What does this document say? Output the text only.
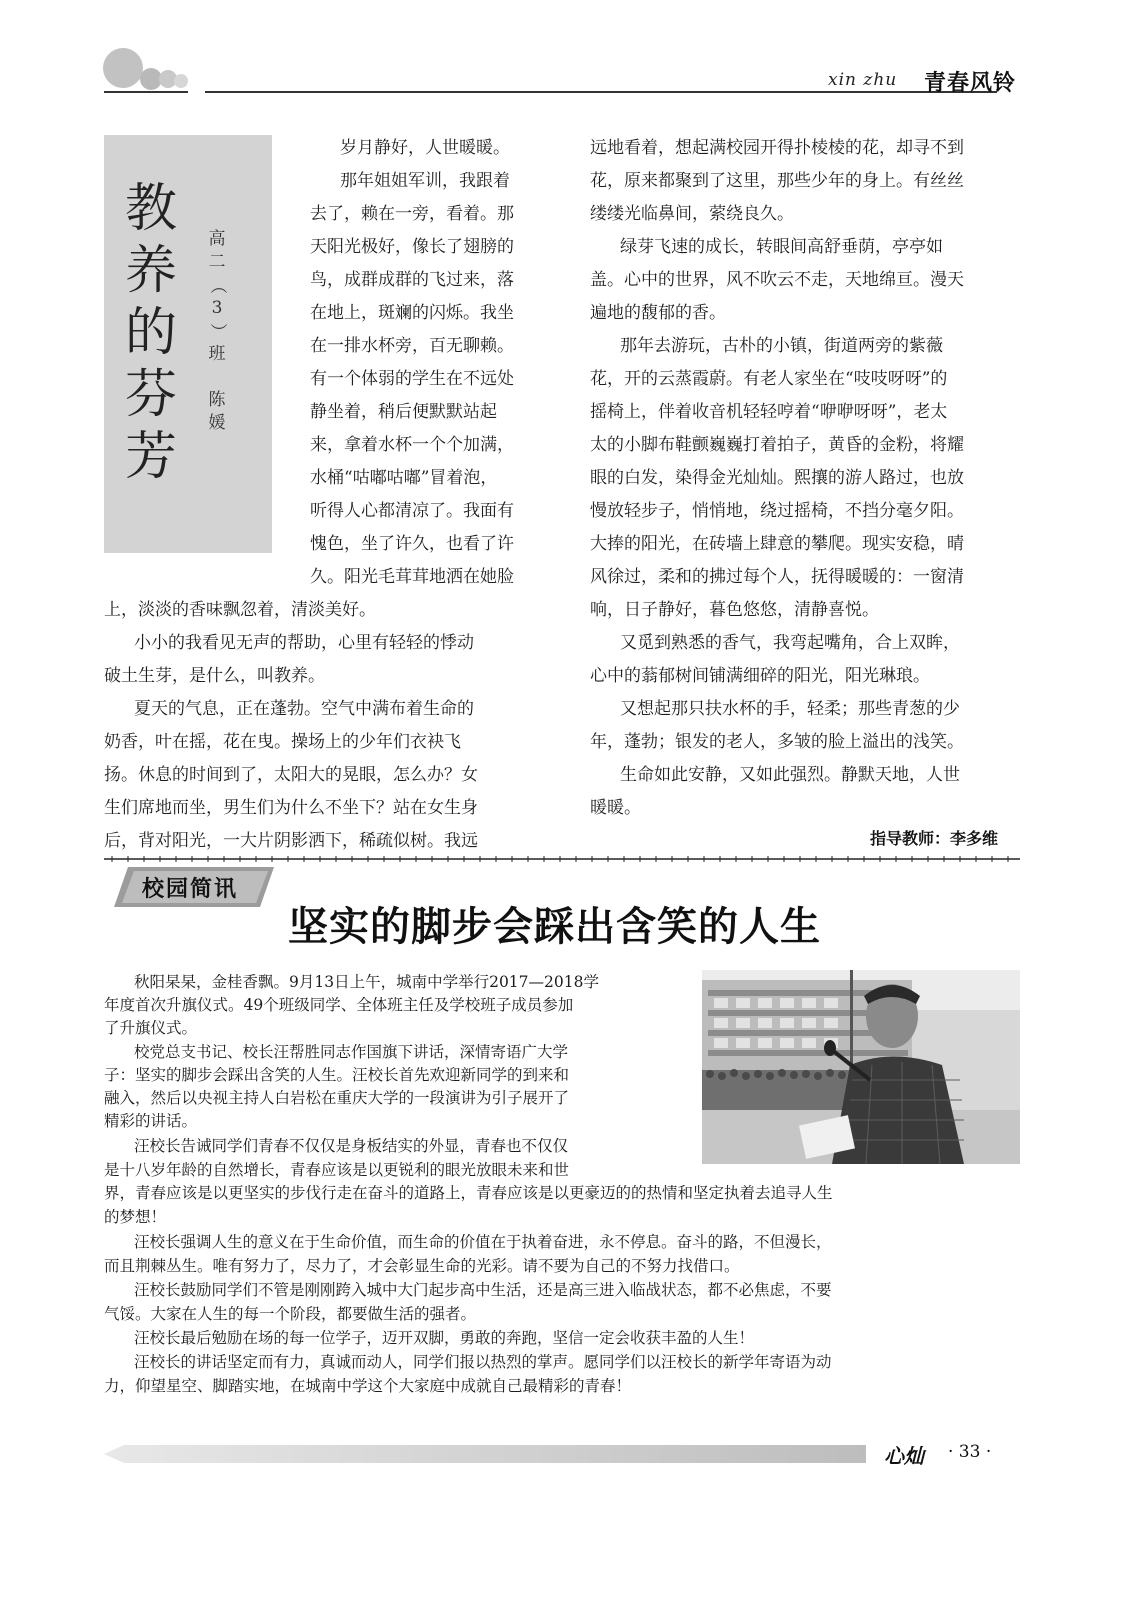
xin zhu 青春风铃
教
养
的
芬
芳
高
二
（
3
）
班
陈
媛
岁月静好，人世暖暖。
那年姐姐军训，我跟着
去了，赖在一旁，看着。那
天阳光极好，像长了翅膀的
鸟，成群成群的飞过来，落
在地上，斑斓的闪烁。我坐
在一排水杯旁，百无聊赖。
有一个体弱的学生在不远处
静坐着，稍后便默默站起
来，拿着水杯一个个加满，
水桶“咕嘟咕嘟”冒着泡，
听得人心都清凉了。我面有
愧色，坐了许久，也看了许
久。阳光毛茸茸地洒在她脸
上，淡淡的香味飘忽着，清淡美好。
小小的我看见无声的帮助，心里有轻轻的悸动
破土生芽，是什么，叫教养。
夏天的气息，正在蓬勃。空气中满布着生命的
奶香，叶在摇，花在曳。操场上的少年们衣袂飞
扬。休息的时间到了，太阳大的晃眼，怎么办？女
生们席地而坐，男生们为什么不坐下？站在女生身
后，背对阳光，一大片阴影洒下，稀疏似树。我远
远地看着，想起满校园开得扑棱棱的花，却寻不到
花，原来都聚到了这里，那些少年的身上。有丝丝
缕缕光临鼻间，萦绕良久。
绿芽飞速的成长，转眼间高舒垂荫，亭亭如
盖。心中的世界，风不吹云不走，天地绵亘。漫天
遍地的馥郁的香。
那年去游玩，古朴的小镇，街道两旁的紫薇
花，开的云蒸霞蔚。有老人家坐在“吱吱呀呀”的
摇椅上，伴着收音机轻轻哼着“咿咿呀呀”，老太
太的小脚布鞋颤巍巍打着拍子，黄昏的金粉，将耀
眼的白发，染得金光灿灿。熙攘的游人路过，也放
慢放轻步子，悄悄地，绕过摇椅，不挡分毫夕阳。
大捧的阳光，在砖墙上肆意的攀爬。现实安稳，晴
风徐过，柔和的拂过每个人，抚得暖暖的：一窗清
响，日子静好，暮色悠悠，清静喜悦。
又觅到熟悉的香气，我弯起嘴角，合上双眸，
心中的蓊郁树间铺满细碎的阳光，阳光琳琅。
又想起那只扶水杯的手，轻柔；那些青葱的少
年，蓬勃；银发的老人，多皱的脸上溢出的浅笑。
生命如此安静，又如此强烈。静默天地，人世
暖暖。
指导教师：李多维
校园简讯
坚实的脚步会踩出含笑的人生
秋阳杲杲，金桂香飘。9月13日上午，城南中学举行2017—2018学
年度首次升旗仪式。49个班级同学、全体班主任及学校班子成员参加
了升旗仪式。
校党总支书记、校长汪帮胜同志作国旗下讲话，深情寄语广大学
子：坚实的脚步会踩出含笑的人生。汪校长首先欢迎新同学的到来和
融入，然后以央视主持人白岩松在重庆大学的一段演讲为引子展开了
精彩的讲话。
汪校长告诫同学们青春不仅仅是身板结实的外显，青春也不仅仅
是十八岁年龄的自然增长，青春应该是以更锐利的眼光放眼未来和世
界，青春应该是以更坚实的步伐行走在奋斗的道路上，青春应该是以更豪迈的的热情和坚定执着去追寻人生
的梦想！
汪校长强调人生的意义在于生命价值，而生命的价值在于执着奋进，永不停息。奋斗的路，不但漫长，
而且荆棘丛生。唯有努力了，尽力了，才会彰显生命的光彩。请不要为自己的不努力找借口。
汪校长鼓励同学们不管是刚刚跨入城中大门起步高中生活，还是高三进入临战状态，都不必焦虑，不要
气馁。大家在人生的每一个阶段，都要做生活的强者。
汪校长最后勉励在场的每一位学子，迈开双脚，勇敢的奔跑，坚信一定会收获丰盈的人生！
汪校长的讲话坚定而有力，真诚而动人，同学们报以热烈的掌声。愿同学们以汪校长的新学年寄语为动
力，仰望星空、脚踏实地，在城南中学这个大家庭中成就自己最精彩的青春！
心灿 · 33 ·
